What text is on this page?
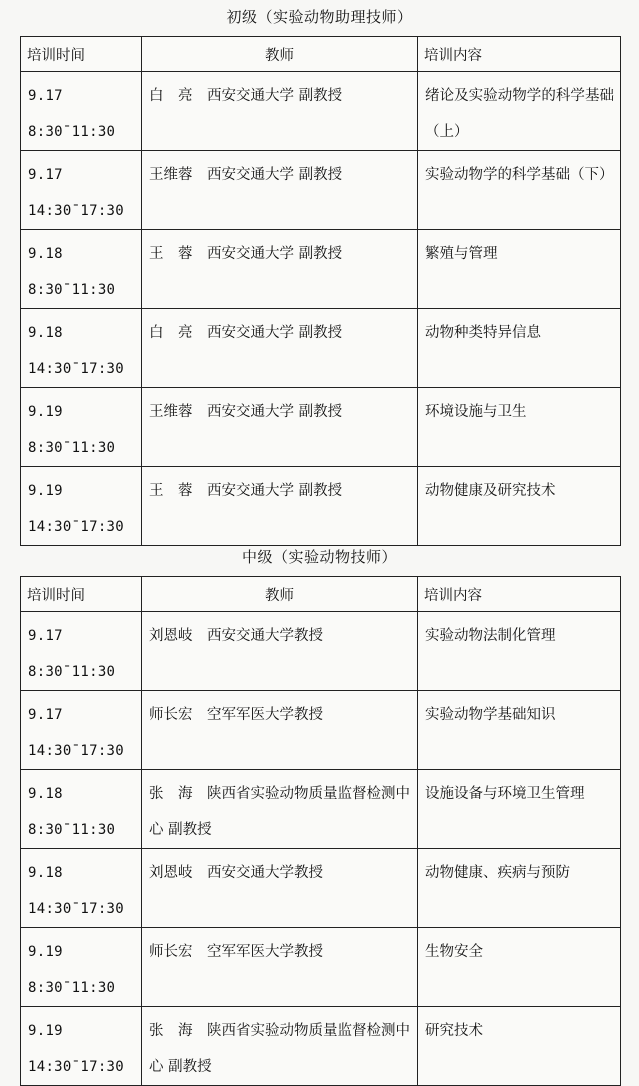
初级（实验动物助理技师）
培训时间	教师	培训内容

9.17
8:30¯11:30	白　亮　西安交通大学 副教授	绪论及实验动物学的科学基础（上）

9.17
14:30¯17:30	王维蓉　西安交通大学 副教授	实验动物学的科学基础（下）

9.18
8:30¯11:30	王　蓉　西安交通大学 副教授	繁殖与管理

9.18
14:30¯17:30	白　亮　西安交通大学 副教授	动物种类特异信息

9.19
8:30¯11:30	王维蓉　西安交通大学 副教授	环境设施与卫生

9.19
14:30¯17:30	王　蓉　西安交通大学 副教授	动物健康及研究技术
中级（实验动物技师）
培训时间	教师	培训内容

9.17
8:30¯11:30	刘恩岐　西安交通大学教授	实验动物法制化管理

9.17
14:30¯17:30	师长宏　空军军医大学教授	实验动物学基础知识

9.18
8:30¯11:30	张　海　陕西省实验动物质量监督检测中心 副教授	设施设备与环境卫生管理

9.18
14:30¯17:30	刘恩岐　西安交通大学教授	动物健康、疾病与预防

9.19
8:30¯11:30	师长宏　空军军医大学教授	生物安全

9.19
14:30¯17:30	张　海　陕西省实验动物质量监督检测中心 副教授	研究技术
